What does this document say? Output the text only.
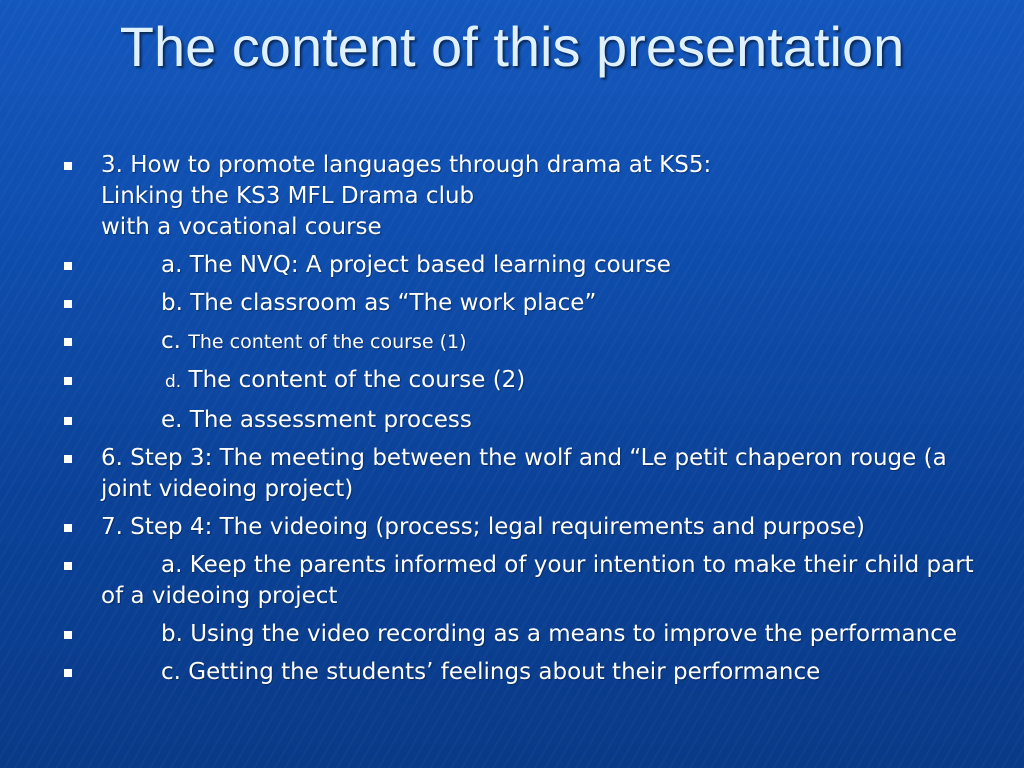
The content of this presentation
3. How to promote languages through drama at KS5:
Linking the KS3 MFL Drama club
with a vocational course
a. The NVQ: A project based learning course
b. The classroom as “The work place”
c. The content of the course (1)
d. The content of the course (2)
e. The assessment process
6. Step 3: The meeting between the wolf and “Le petit chaperon rouge (a joint videoing project)
7. Step 4: The videoing (process; legal requirements and purpose)
a. Keep the parents informed of your intention to make their child part of a videoing project
b. Using the video recording as a means to improve the performance
c. Getting the students’ feelings about their performance
